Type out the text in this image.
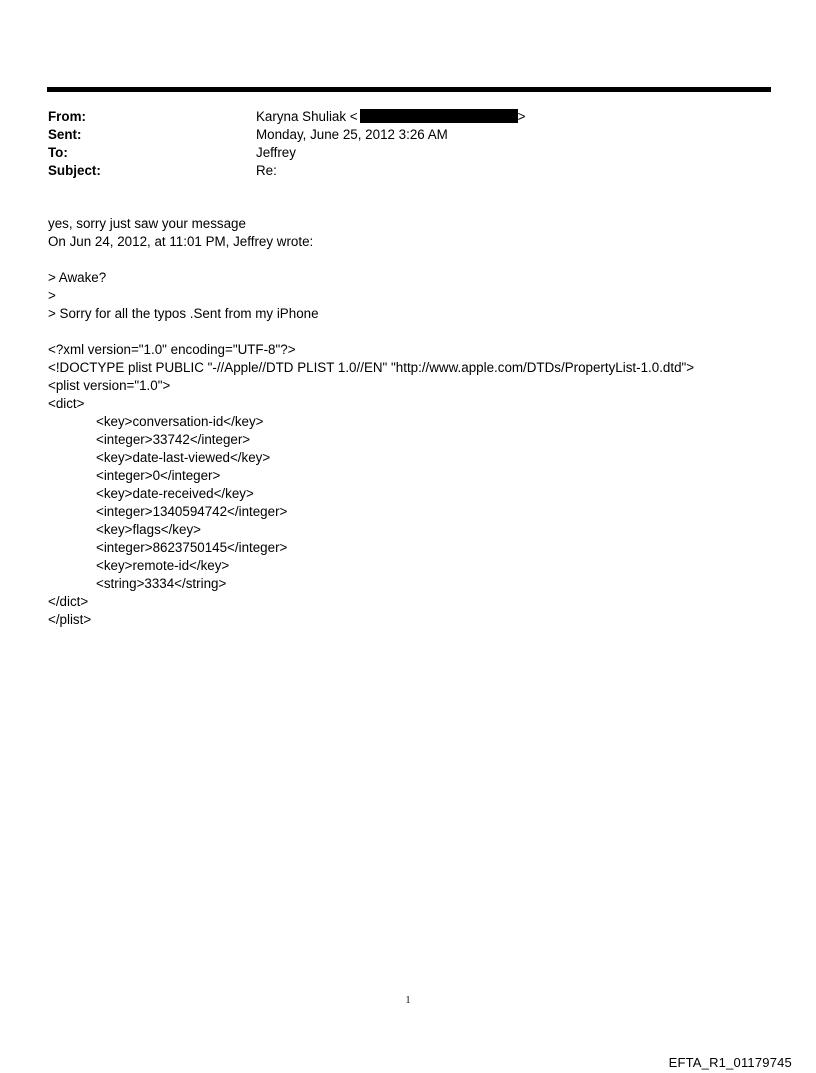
From:	Karyna Shuliak <	>
Sent:	Monday, June 25, 2012 3:26 AM
To:	Jeffrey
Subject:	Re:
yes, sorry just saw your message
On Jun 24, 2012, at 11:01 PM, Jeffrey wrote:
> Awake?
>
> Sorry for all the typos .Sent from my iPhone
<?xml version="1.0" encoding="UTF-8"?>
<!DOCTYPE plist PUBLIC "-//Apple//DTD PLIST 1.0//EN" "http://www.apple.com/DTDs/PropertyList-1.0.dtd">
<plist version="1.0">
<dict>
<key>conversation-id</key>
<integer>33742</integer>
<key>date-last-viewed</key>
<integer>0</integer>
<key>date-received</key>
<integer>1340594742</integer>
<key>flags</key>
<integer>8623750145</integer>
<key>remote-id</key>
<string>3334</string>
</dict>
</plist>
1
EFTA_R1_01179745
